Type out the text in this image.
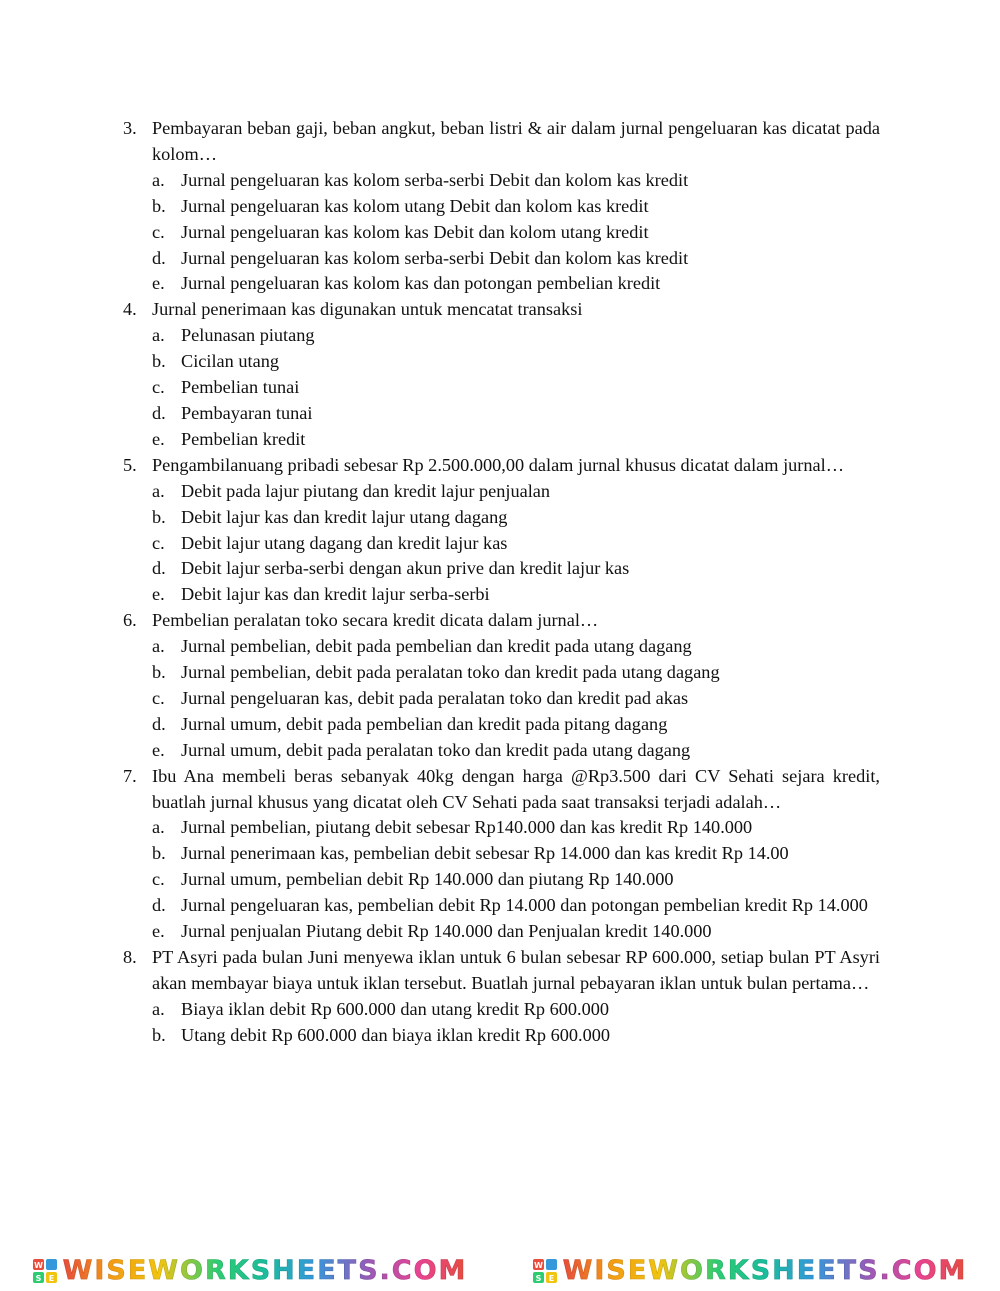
3. Pembayaran beban gaji, beban angkut, beban listri & air dalam jurnal pengeluaran kas dicatat pada kolom…
a. Jurnal pengeluaran kas kolom serba-serbi Debit dan kolom kas kredit
b. Jurnal pengeluaran kas kolom utang Debit dan kolom kas kredit
c. Jurnal pengeluaran kas kolom kas Debit dan kolom utang kredit
d. Jurnal pengeluaran kas kolom serba-serbi Debit dan kolom kas kredit
e. Jurnal pengeluaran kas kolom kas dan potongan pembelian kredit
4. Jurnal penerimaan kas digunakan untuk mencatat transaksi
a. Pelunasan piutang
b. Cicilan utang
c. Pembelian tunai
d. Pembayaran tunai
e. Pembelian kredit
5. Pengambilanuang pribadi sebesar Rp 2.500.000,00 dalam jurnal khusus dicatat dalam jurnal…
a. Debit pada lajur piutang dan kredit lajur penjualan
b. Debit lajur kas dan kredit lajur utang dagang
c. Debit lajur utang dagang dan kredit lajur kas
d. Debit lajur serba-serbi dengan akun prive dan kredit lajur kas
e. Debit lajur kas dan kredit lajur serba-serbi
6. Pembelian peralatan toko secara kredit dicata dalam jurnal…
a. Jurnal pembelian, debit pada pembelian dan kredit pada utang dagang
b. Jurnal pembelian, debit pada peralatan toko dan kredit pada utang dagang
c. Jurnal pengeluaran kas, debit pada peralatan toko dan kredit pad akas
d. Jurnal umum, debit pada pembelian dan kredit pada pitang dagang
e. Jurnal umum, debit pada peralatan toko dan kredit pada utang dagang
7. Ibu Ana membeli beras sebanyak 40kg dengan harga @Rp3.500 dari CV Sehati sejara kredit, buatlah jurnal khusus yang dicatat oleh CV Sehati pada saat transaksi terjadi adalah…
a. Jurnal pembelian, piutang debit sebesar Rp140.000 dan kas kredit Rp 140.000
b. Jurnal penerimaan kas, pembelian debit sebesar Rp 14.000 dan kas kredit Rp 14.00
c. Jurnal umum, pembelian debit Rp 140.000 dan piutang Rp 140.000
d. Jurnal pengeluaran kas, pembelian debit Rp 14.000 dan potongan pembelian kredit Rp 14.000
e. Jurnal penjualan Piutang debit Rp 140.000 dan Penjualan kredit 140.000
8. PT Asyri pada bulan Juni menyewa iklan untuk 6 bulan sebesar RP 600.000, setiap bulan PT Asyri akan membayar biaya untuk iklan tersebut. Buatlah jurnal pebayaran iklan untuk bulan pertama…
a. Biaya iklan debit Rp 600.000 dan utang kredit Rp 600.000
b. Utang debit Rp 600.000 dan biaya iklan kredit Rp 600.000
W
S E WISEWORKSHEETS.COM	W
S E WISEWORKSHEETS.COM
